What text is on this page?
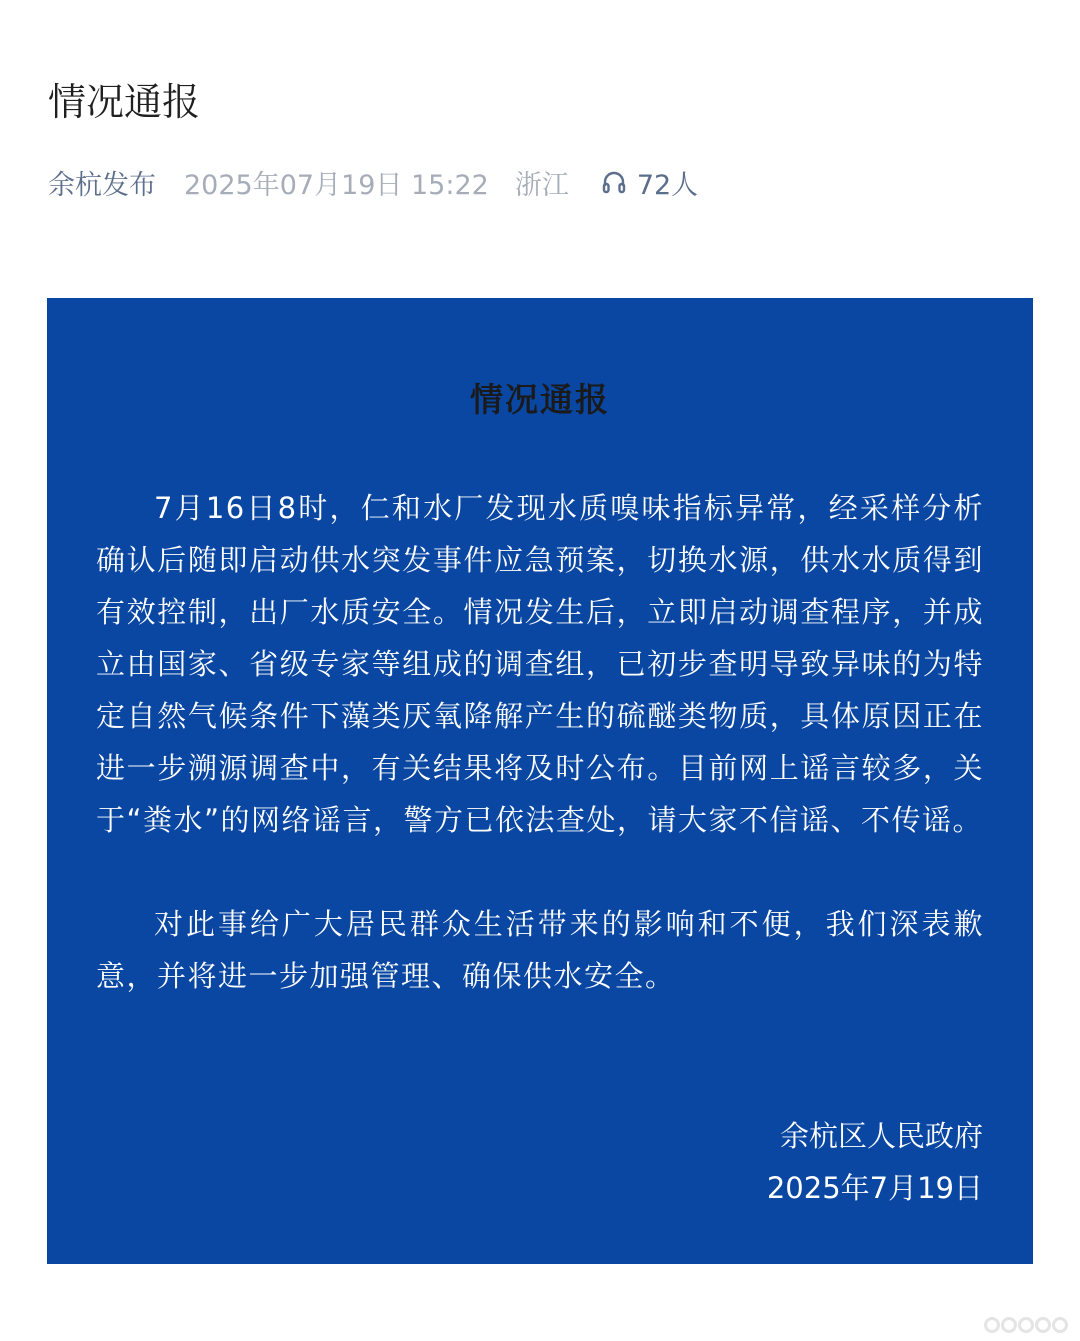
情况通报
余杭发布 2025年07月19日 15:22 浙江	72人
情况通报

7月16日8时，仁和水厂发现水质嗅味指标异常，经采样分析确认后随即启动供水突发事件应急预案，切换水源，供水水质得到有效控制，出厂水质安全。情况发生后，立即启动调查程序，并成立由国家、省级专家等组成的调查组，已初步查明导致异味的为特定自然气候条件下藻类厌氧降解产生的硫醚类物质，具体原因正在进一步溯源调查中，有关结果将及时公布。目前网上谣言较多，关于“粪水”的网络谣言，警方已依法查处，请大家不信谣、不传谣。

对此事给广大居民群众生活带来的影响和不便，我们深表歉意，并将进一步加强管理、确保供水安全。

余杭区人民政府
2025年7月19日
